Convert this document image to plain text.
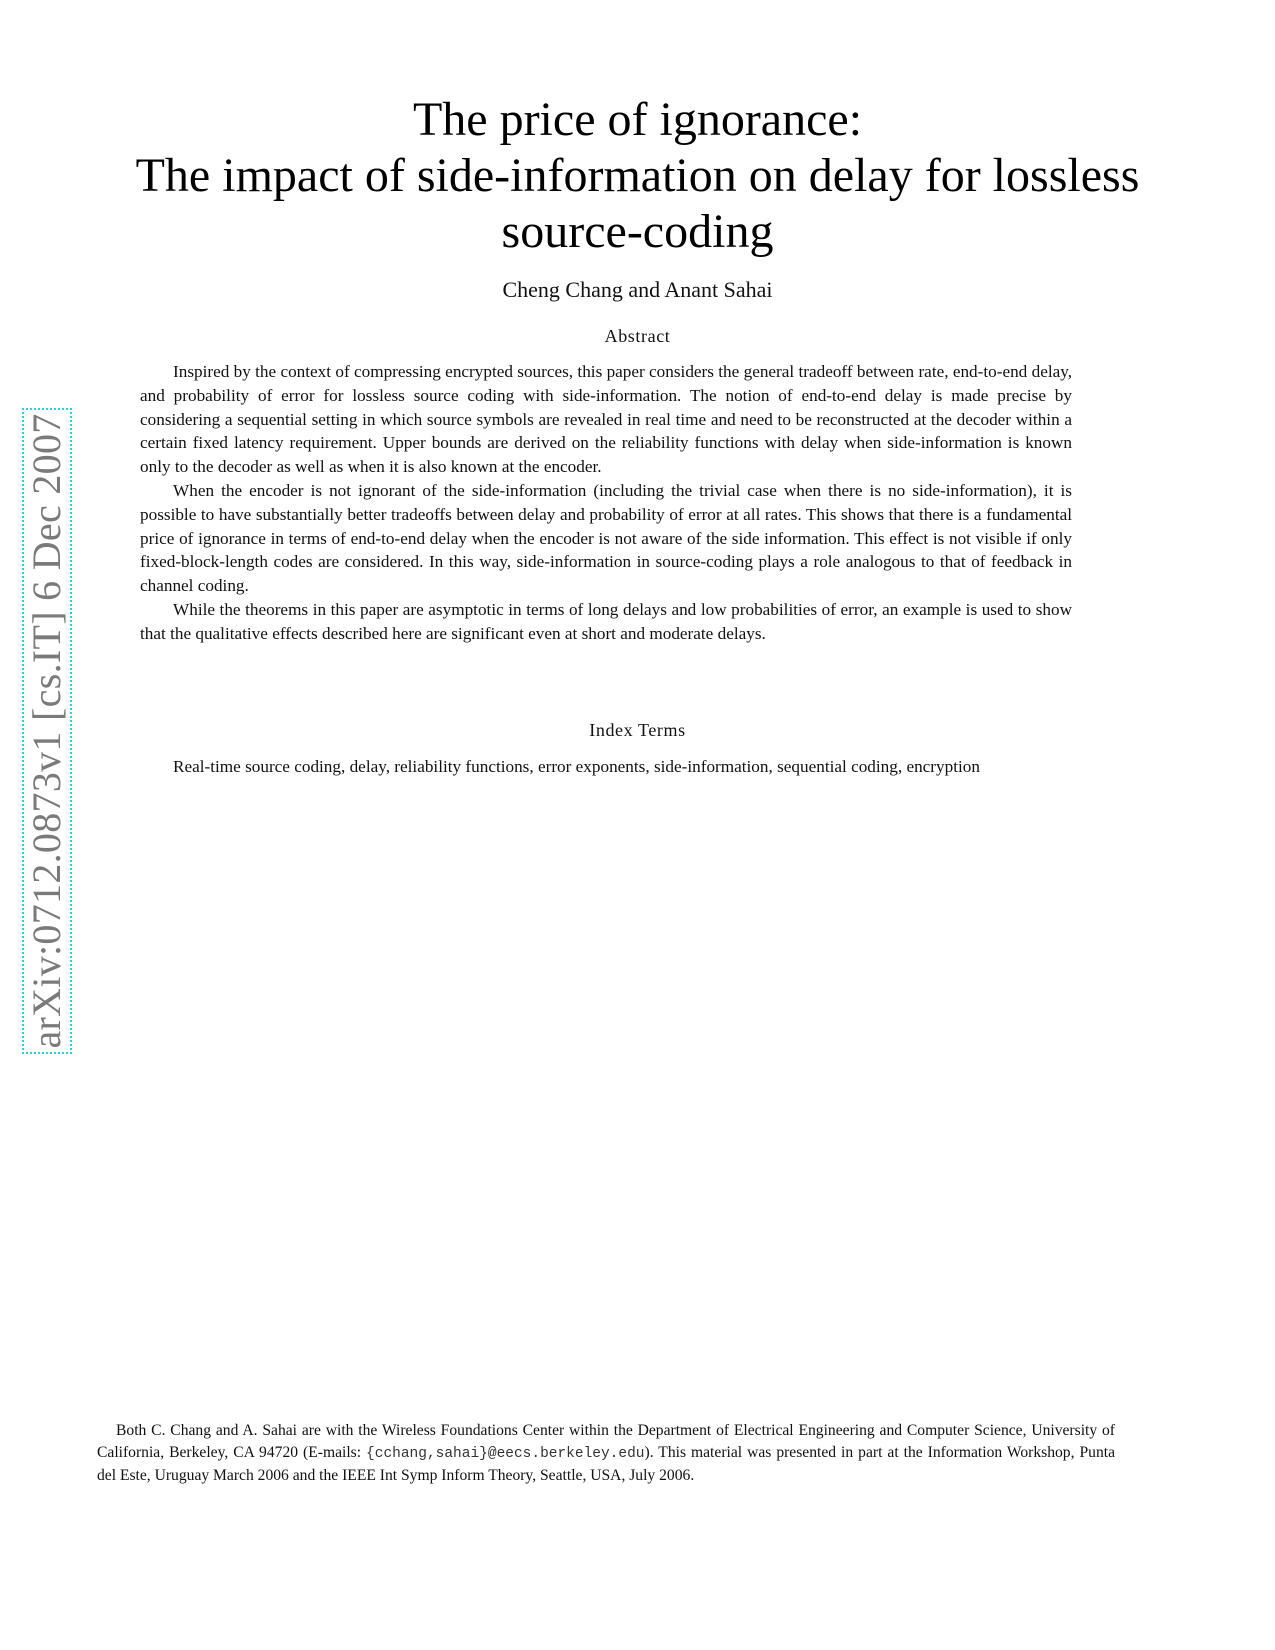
arXiv:0712.0873v1 [cs.IT] 6 Dec 2007
The price of ignorance:
The impact of side-information on delay for lossless
source-coding
Cheng Chang and Anant Sahai
Abstract

Inspired by the context of compressing encrypted sources, this paper considers the general tradeoff between rate, end-to-end delay, and probability of error for lossless source coding with side-information. The notion of end-to-end delay is made precise by considering a sequential setting in which source symbols are revealed in real time and need to be reconstructed at the decoder within a certain fixed latency requirement. Upper bounds are derived on the reliability functions with delay when side-information is known only to the decoder as well as when it is also known at the encoder.

When the encoder is not ignorant of the side-information (including the trivial case when there is no side-information), it is possible to have substantially better tradeoffs between delay and probability of error at all rates. This shows that there is a fundamental price of ignorance in terms of end-to-end delay when the encoder is not aware of the side information. This effect is not visible if only fixed-block-length codes are considered. In this way, side-information in source-coding plays a role analogous to that of feedback in channel coding.

While the theorems in this paper are asymptotic in terms of long delays and low probabilities of error, an example is used to show that the qualitative effects described here are significant even at short and moderate delays.

Index Terms

Real-time source coding, delay, reliability functions, error exponents, side-information, sequential coding, encryption

Both C. Chang and A. Sahai are with the Wireless Foundations Center within the Department of Electrical Engineering and Computer Science, University of California, Berkeley, CA 94720 (E-mails: {cchang,sahai}@eecs.berkeley.edu). This material was presented in part at the Information Workshop, Punta del Este, Uruguay March 2006 and the IEEE Int Symp Inform Theory, Seattle, USA, July 2006.
